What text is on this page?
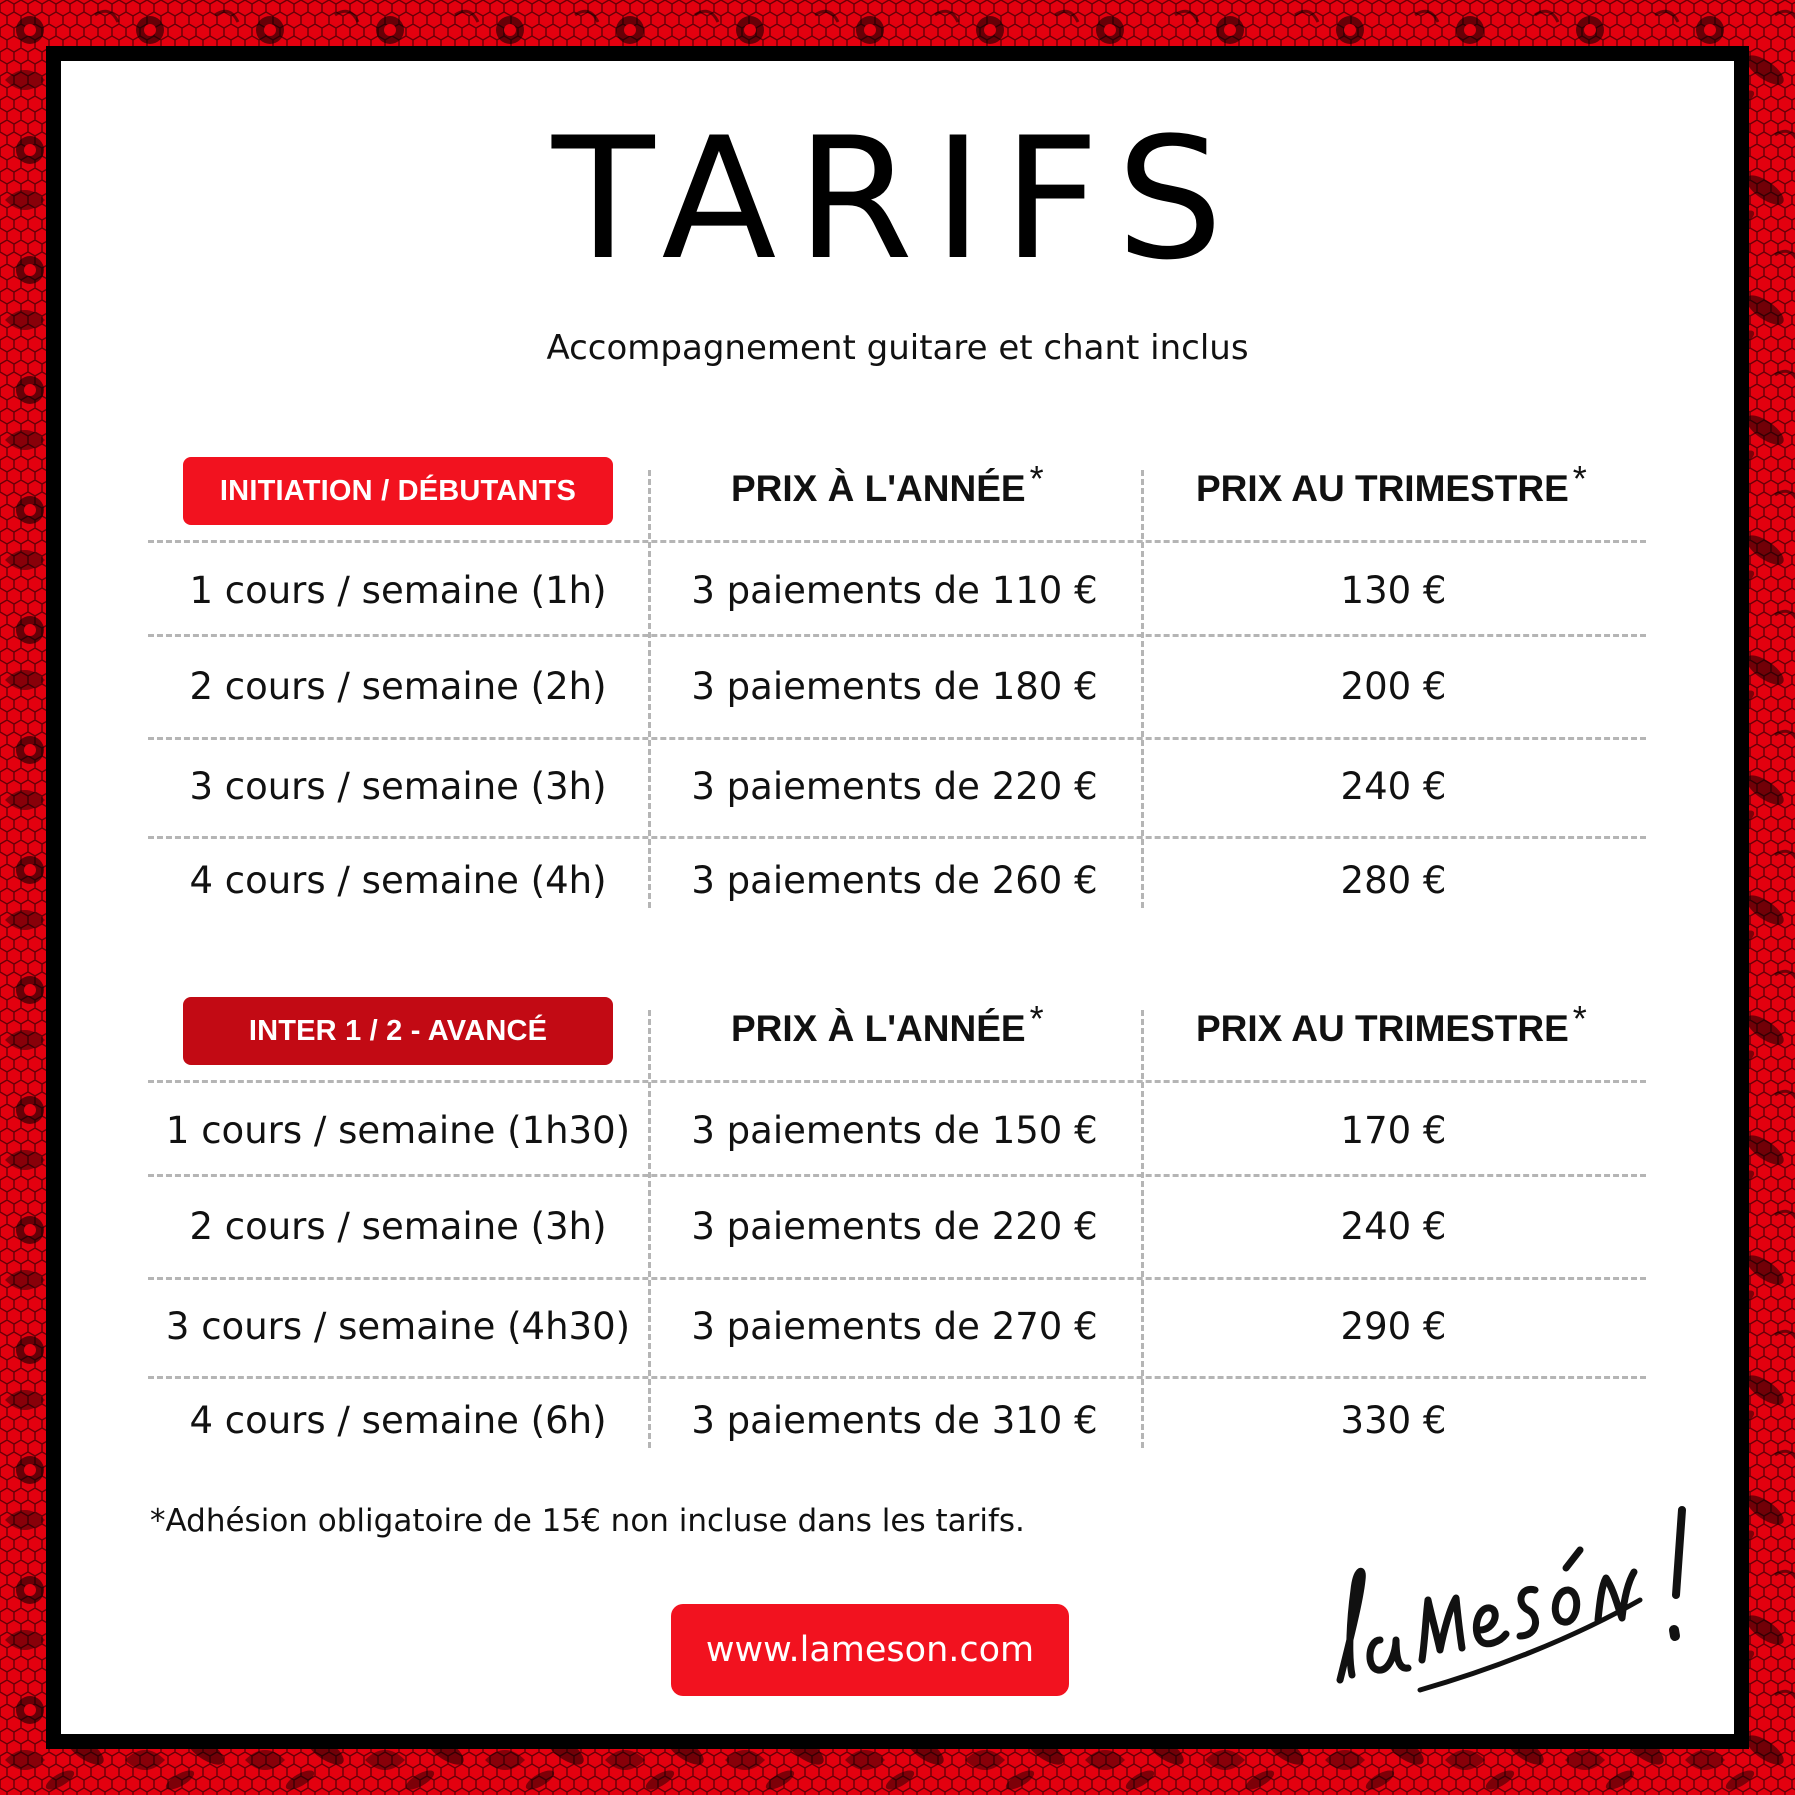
TARIFS
Accompagnement guitare et chant inclus
INITIATION / DÉBUTANTS	PRIX À L'ANNÉE *	PRIX AU TRIMESTRE *
1 cours / semaine (1h)	3 paiements de 110 €	130 €
2 cours / semaine (2h)	3 paiements de 180 €	200 €
3 cours / semaine (3h)	3 paiements de 220 €	240 €
4 cours / semaine (4h)	3 paiements de 260 €	280 €
INTER 1 / 2 - AVANCÉ	PRIX À L'ANNÉE *	PRIX AU TRIMESTRE *
1 cours / semaine (1h30)	3 paiements de 150 €	170 €
2 cours / semaine (3h)	3 paiements de 220 €	240 €
3 cours / semaine (4h30)	3 paiements de 270 €	290 €
4 cours / semaine (6h)	3 paiements de 310 €	330 €
*Adhésion obligatoire de 15€ non incluse dans les tarifs.
www.lameson.com
